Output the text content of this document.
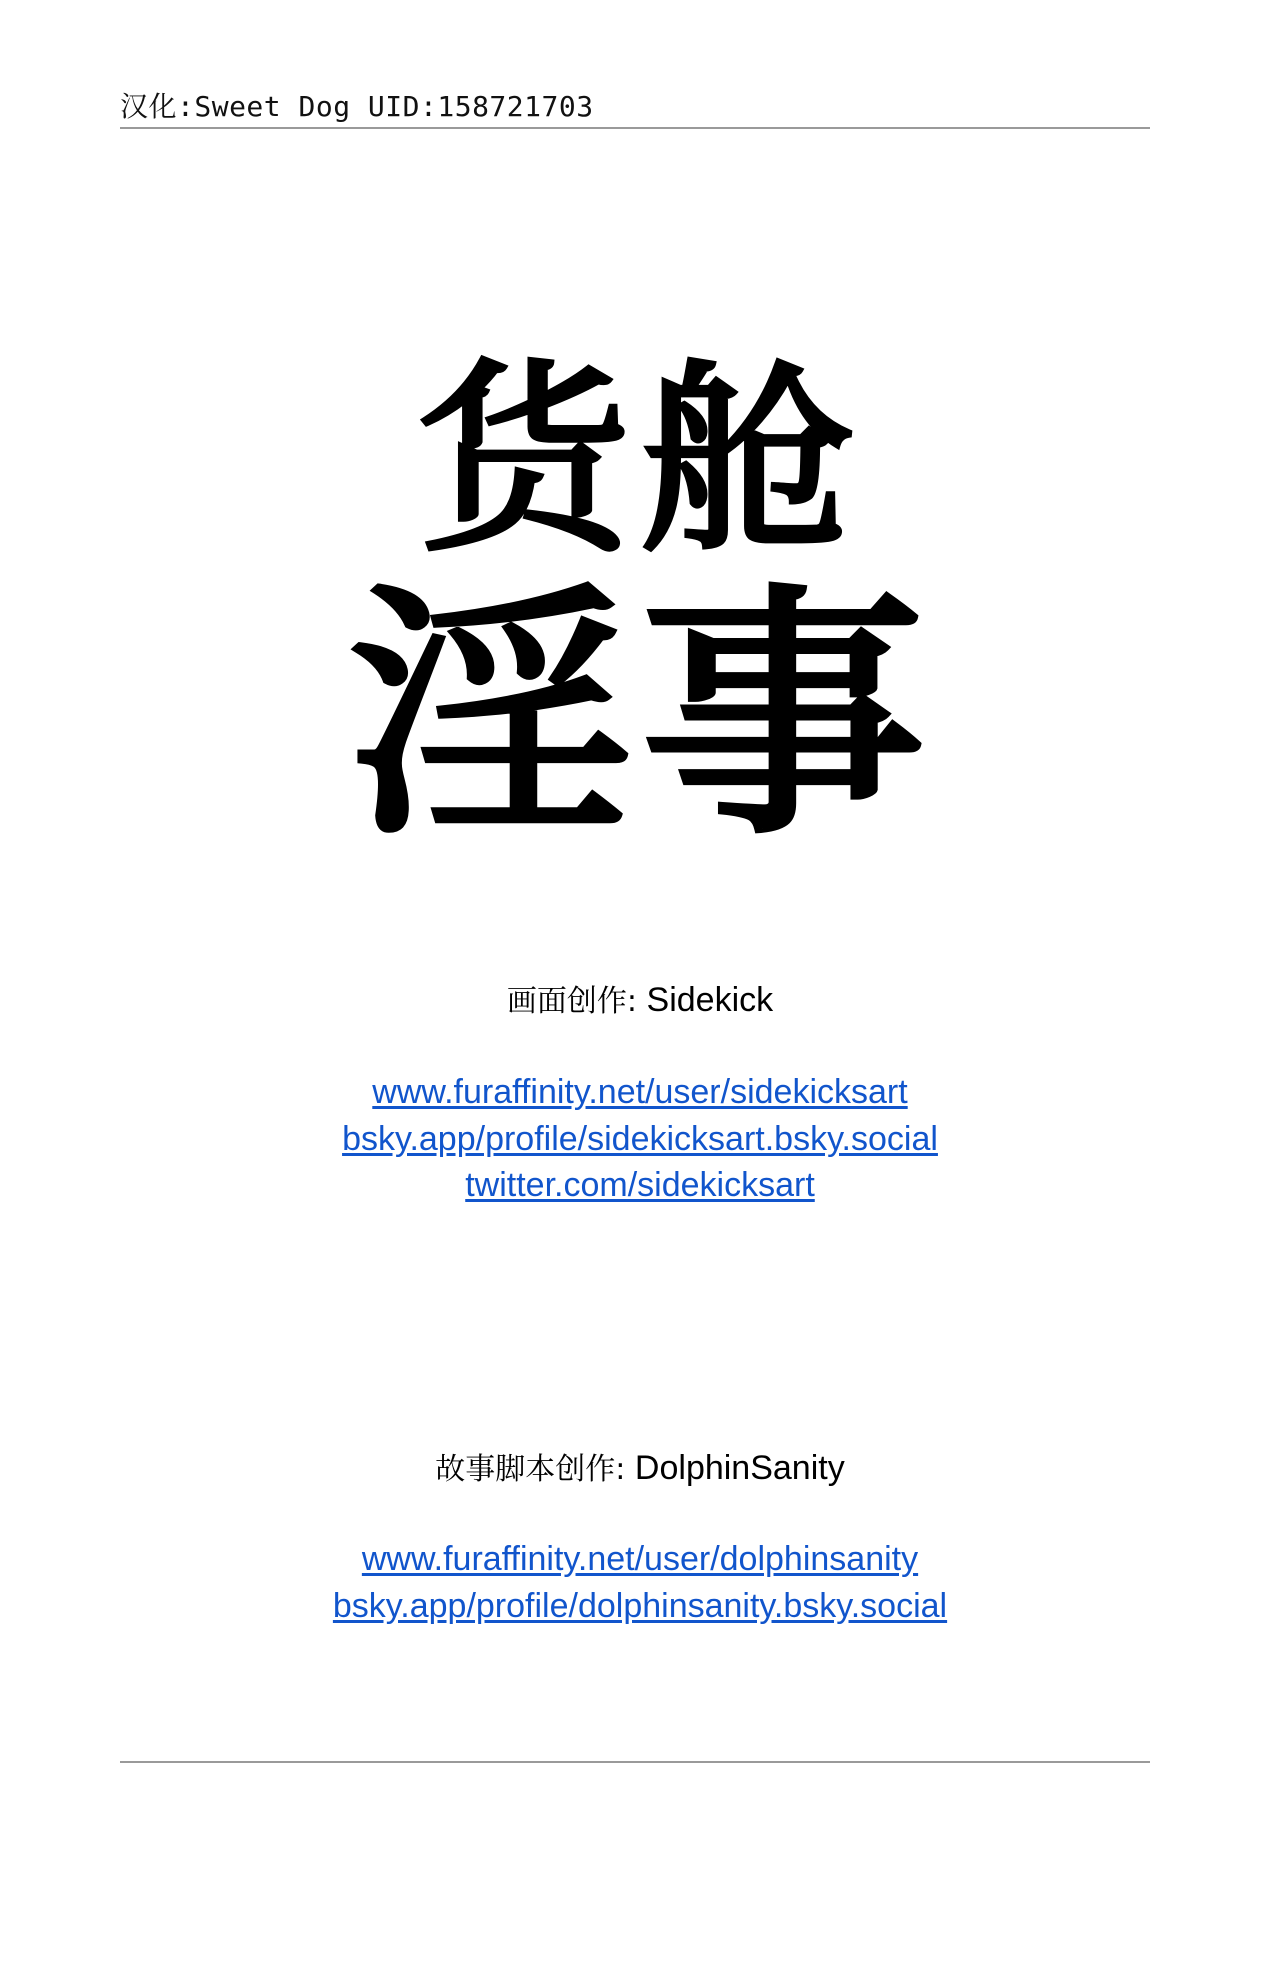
汉化:Sweet Dog UID:158721703
货舱
淫事
画面创作: Sidekick
www.furaffinity.net/user/sidekicksart
bsky.app/profile/sidekicksart.bsky.social
twitter.com/sidekicksart
故事脚本创作: DolphinSanity
www.furaffinity.net/user/dolphinsanity
bsky.app/profile/dolphinsanity.bsky.social
